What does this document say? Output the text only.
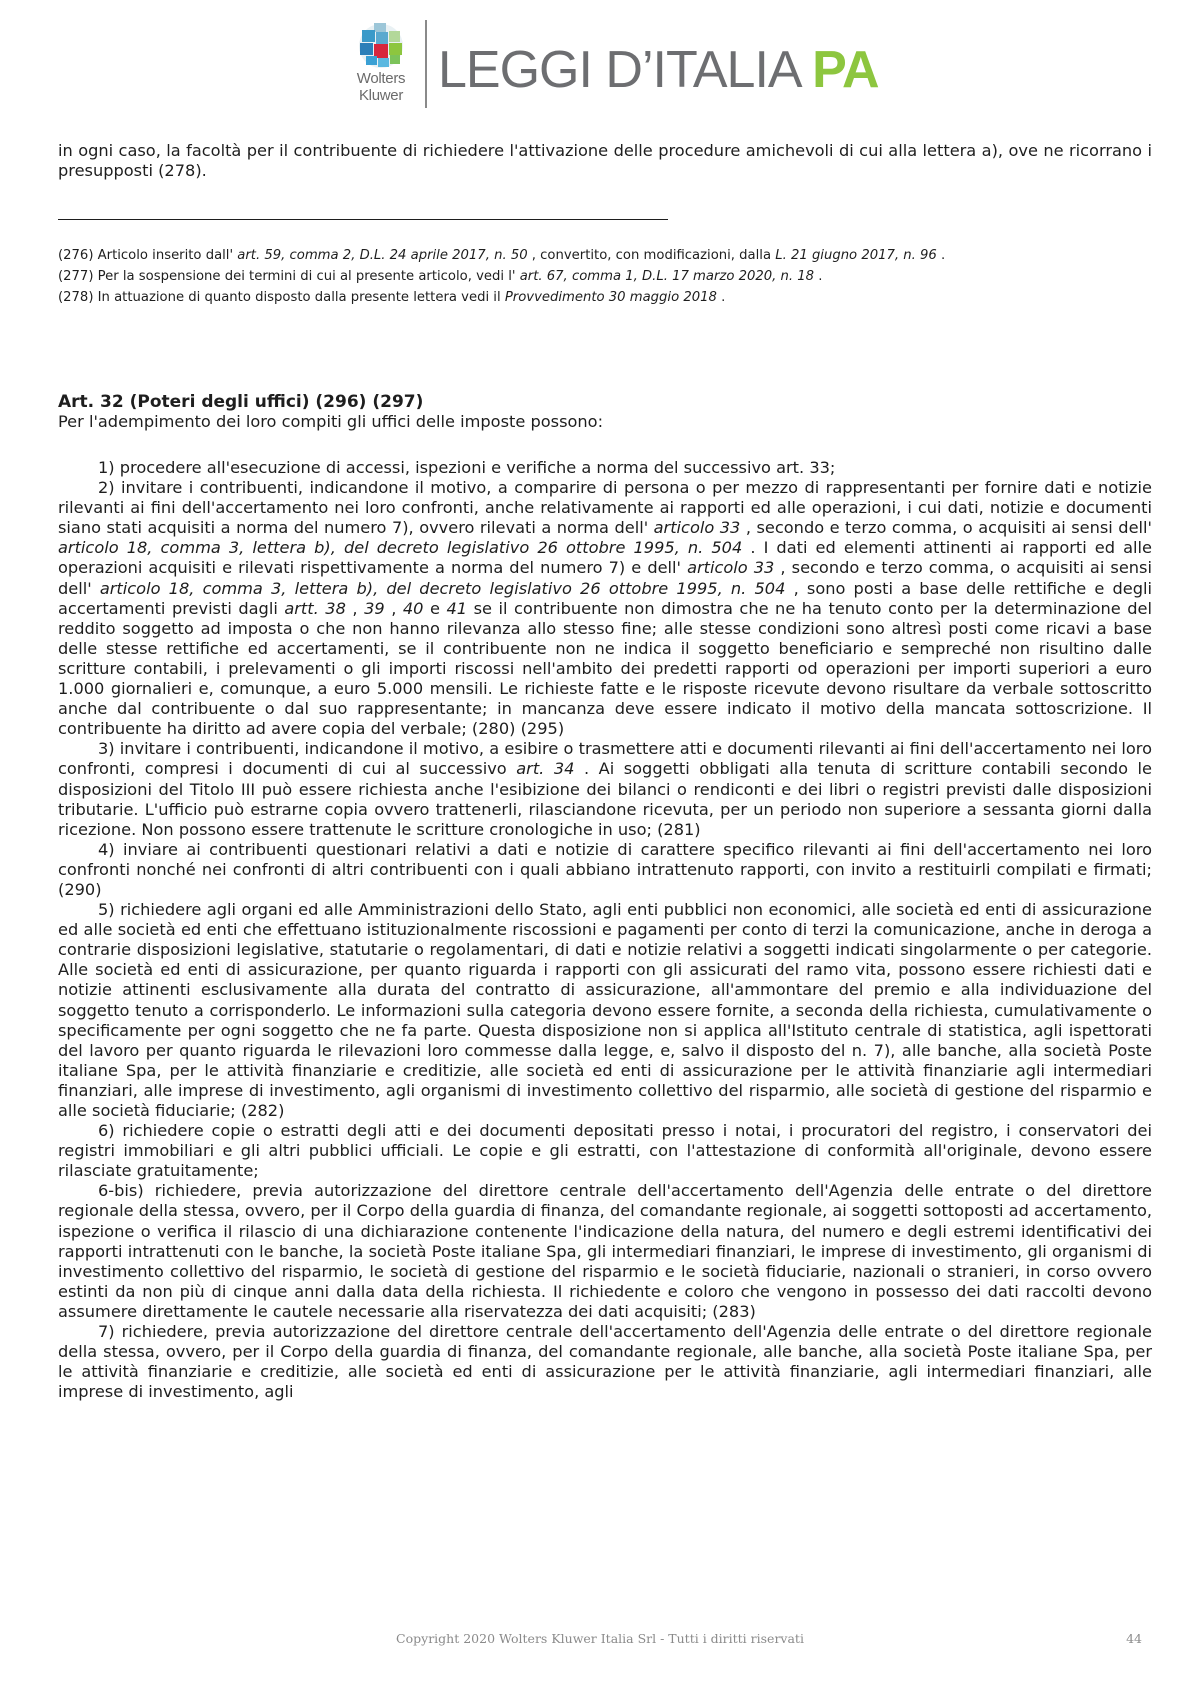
Wolters
Kluwer LEGGI D’ITALIA PA

in ogni caso, la facoltà per il contribuente di richiedere l'attivazione delle procedure amichevoli di cui alla lettera a), ove ne ricorrano i presupposti (278).

(276) Articolo inserito dall' art. 59, comma 2, D.L. 24 aprile 2017, n. 50 , convertito, con modificazioni, dalla L. 21 giugno 2017, n. 96 .

(277) Per la sospensione dei termini di cui al presente articolo, vedi l' art. 67, comma 1, D.L. 17 marzo 2020, n. 18 .

(278) In attuazione di quanto disposto dalla presente lettera vedi il Provvedimento 30 maggio 2018 .

Art. 32 (Poteri degli uffici) (296) (297)
Per l'adempimento dei loro compiti gli uffici delle imposte possono:

1) procedere all'esecuzione di accessi, ispezioni e verifiche a norma del successivo art. 33;

2) invitare i contribuenti, indicandone il motivo, a comparire di persona o per mezzo di rappresentanti per fornire dati e notizie rilevanti ai fini dell'accertamento nei loro confronti, anche relativamente ai rapporti ed alle operazioni, i cui dati, notizie e documenti siano stati acquisiti a norma del numero 7), ovvero rilevati a norma dell' articolo 33 , secondo e terzo comma, o acquisiti ai sensi dell' articolo 18, comma 3, lettera b), del decreto legislativo 26 ottobre 1995, n. 504 . I dati ed elementi attinenti ai rapporti ed alle operazioni acquisiti e rilevati rispettivamente a norma del numero 7) e dell' articolo 33 , secondo e terzo comma, o acquisiti ai sensi dell' articolo 18, comma 3, lettera b), del decreto legislativo 26 ottobre 1995, n. 504 , sono posti a base delle rettifiche e degli accertamenti previsti dagli artt. 38 , 39 , 40 e 41 se il contribuente non dimostra che ne ha tenuto conto per la determinazione del reddito soggetto ad imposta o che non hanno rilevanza allo stesso fine; alle stesse condizioni sono altresì posti come ricavi a base delle stesse rettifiche ed accertamenti, se il contribuente non ne indica il soggetto beneficiario e sempreché non risultino dalle scritture contabili, i prelevamenti o gli importi riscossi nell'ambito dei predetti rapporti od operazioni per importi superiori a euro 1.000 giornalieri e, comunque, a euro 5.000 mensili. Le richieste fatte e le risposte ricevute devono risultare da verbale sottoscritto anche dal contribuente o dal suo rappresentante; in mancanza deve essere indicato il motivo della mancata sottoscrizione. Il contribuente ha diritto ad avere copia del verbale; (280) (295)

3) invitare i contribuenti, indicandone il motivo, a esibire o trasmettere atti e documenti rilevanti ai fini dell'accertamento nei loro confronti, compresi i documenti di cui al successivo art. 34 . Ai soggetti obbligati alla tenuta di scritture contabili secondo le disposizioni del Titolo III può essere richiesta anche l'esibizione dei bilanci o rendiconti e dei libri o registri previsti dalle disposizioni tributarie. L'ufficio può estrarne copia ovvero trattenerli, rilasciandone ricevuta, per un periodo non superiore a sessanta giorni dalla ricezione. Non possono essere trattenute le scritture cronologiche in uso; (281)

4) inviare ai contribuenti questionari relativi a dati e notizie di carattere specifico rilevanti ai fini dell'accertamento nei loro confronti nonché nei confronti di altri contribuenti con i quali abbiano intrattenuto rapporti, con invito a restituirli compilati e firmati; (290)

5) richiedere agli organi ed alle Amministrazioni dello Stato, agli enti pubblici non economici, alle società ed enti di assicurazione ed alle società ed enti che effettuano istituzionalmente riscossioni e pagamenti per conto di terzi la comunicazione, anche in deroga a contrarie disposizioni legislative, statutarie o regolamentari, di dati e notizie relativi a soggetti indicati singolarmente o per categorie. Alle società ed enti di assicurazione, per quanto riguarda i rapporti con gli assicurati del ramo vita, possono essere richiesti dati e notizie attinenti esclusivamente alla durata del contratto di assicurazione, all'ammontare del premio e alla individuazione del soggetto tenuto a corrisponderlo. Le informazioni sulla categoria devono essere fornite, a seconda della richiesta, cumulativamente o specificamente per ogni soggetto che ne fa parte. Questa disposizione non si applica all'Istituto centrale di statistica, agli ispettorati del lavoro per quanto riguarda le rilevazioni loro commesse dalla legge, e, salvo il disposto del n. 7), alle banche, alla società Poste italiane Spa, per le attività finanziarie e creditizie, alle società ed enti di assicurazione per le attività finanziarie agli intermediari finanziari, alle imprese di investimento, agli organismi di investimento collettivo del risparmio, alle società di gestione del risparmio e alle società fiduciarie; (282)

6) richiedere copie o estratti degli atti e dei documenti depositati presso i notai, i procuratori del registro, i conservatori dei registri immobiliari e gli altri pubblici ufficiali. Le copie e gli estratti, con l'attestazione di conformità all'originale, devono essere rilasciate gratuitamente;

6-bis) richiedere, previa autorizzazione del direttore centrale dell'accertamento dell'Agenzia delle entrate o del direttore regionale della stessa, ovvero, per il Corpo della guardia di finanza, del comandante regionale, ai soggetti sottoposti ad accertamento, ispezione o verifica il rilascio di una dichiarazione contenente l'indicazione della natura, del numero e degli estremi identificativi dei rapporti intrattenuti con le banche, la società Poste italiane Spa, gli intermediari finanziari, le imprese di investimento, gli organismi di investimento collettivo del risparmio, le società di gestione del risparmio e le società fiduciarie, nazionali o stranieri, in corso ovvero estinti da non più di cinque anni dalla data della richiesta. Il richiedente e coloro che vengono in possesso dei dati raccolti devono assumere direttamente le cautele necessarie alla riservatezza dei dati acquisiti; (283)

7) richiedere, previa autorizzazione del direttore centrale dell'accertamento dell'Agenzia delle entrate o del direttore regionale della stessa, ovvero, per il Corpo della guardia di finanza, del comandante regionale, alle banche, alla società Poste italiane Spa, per le attività finanziarie e creditizie, alle società ed enti di assicurazione per le attività finanziarie, agli intermediari finanziari, alle imprese di investimento, agli

Copyright 2020 Wolters Kluwer Italia Srl - Tutti i diritti riservati	44
